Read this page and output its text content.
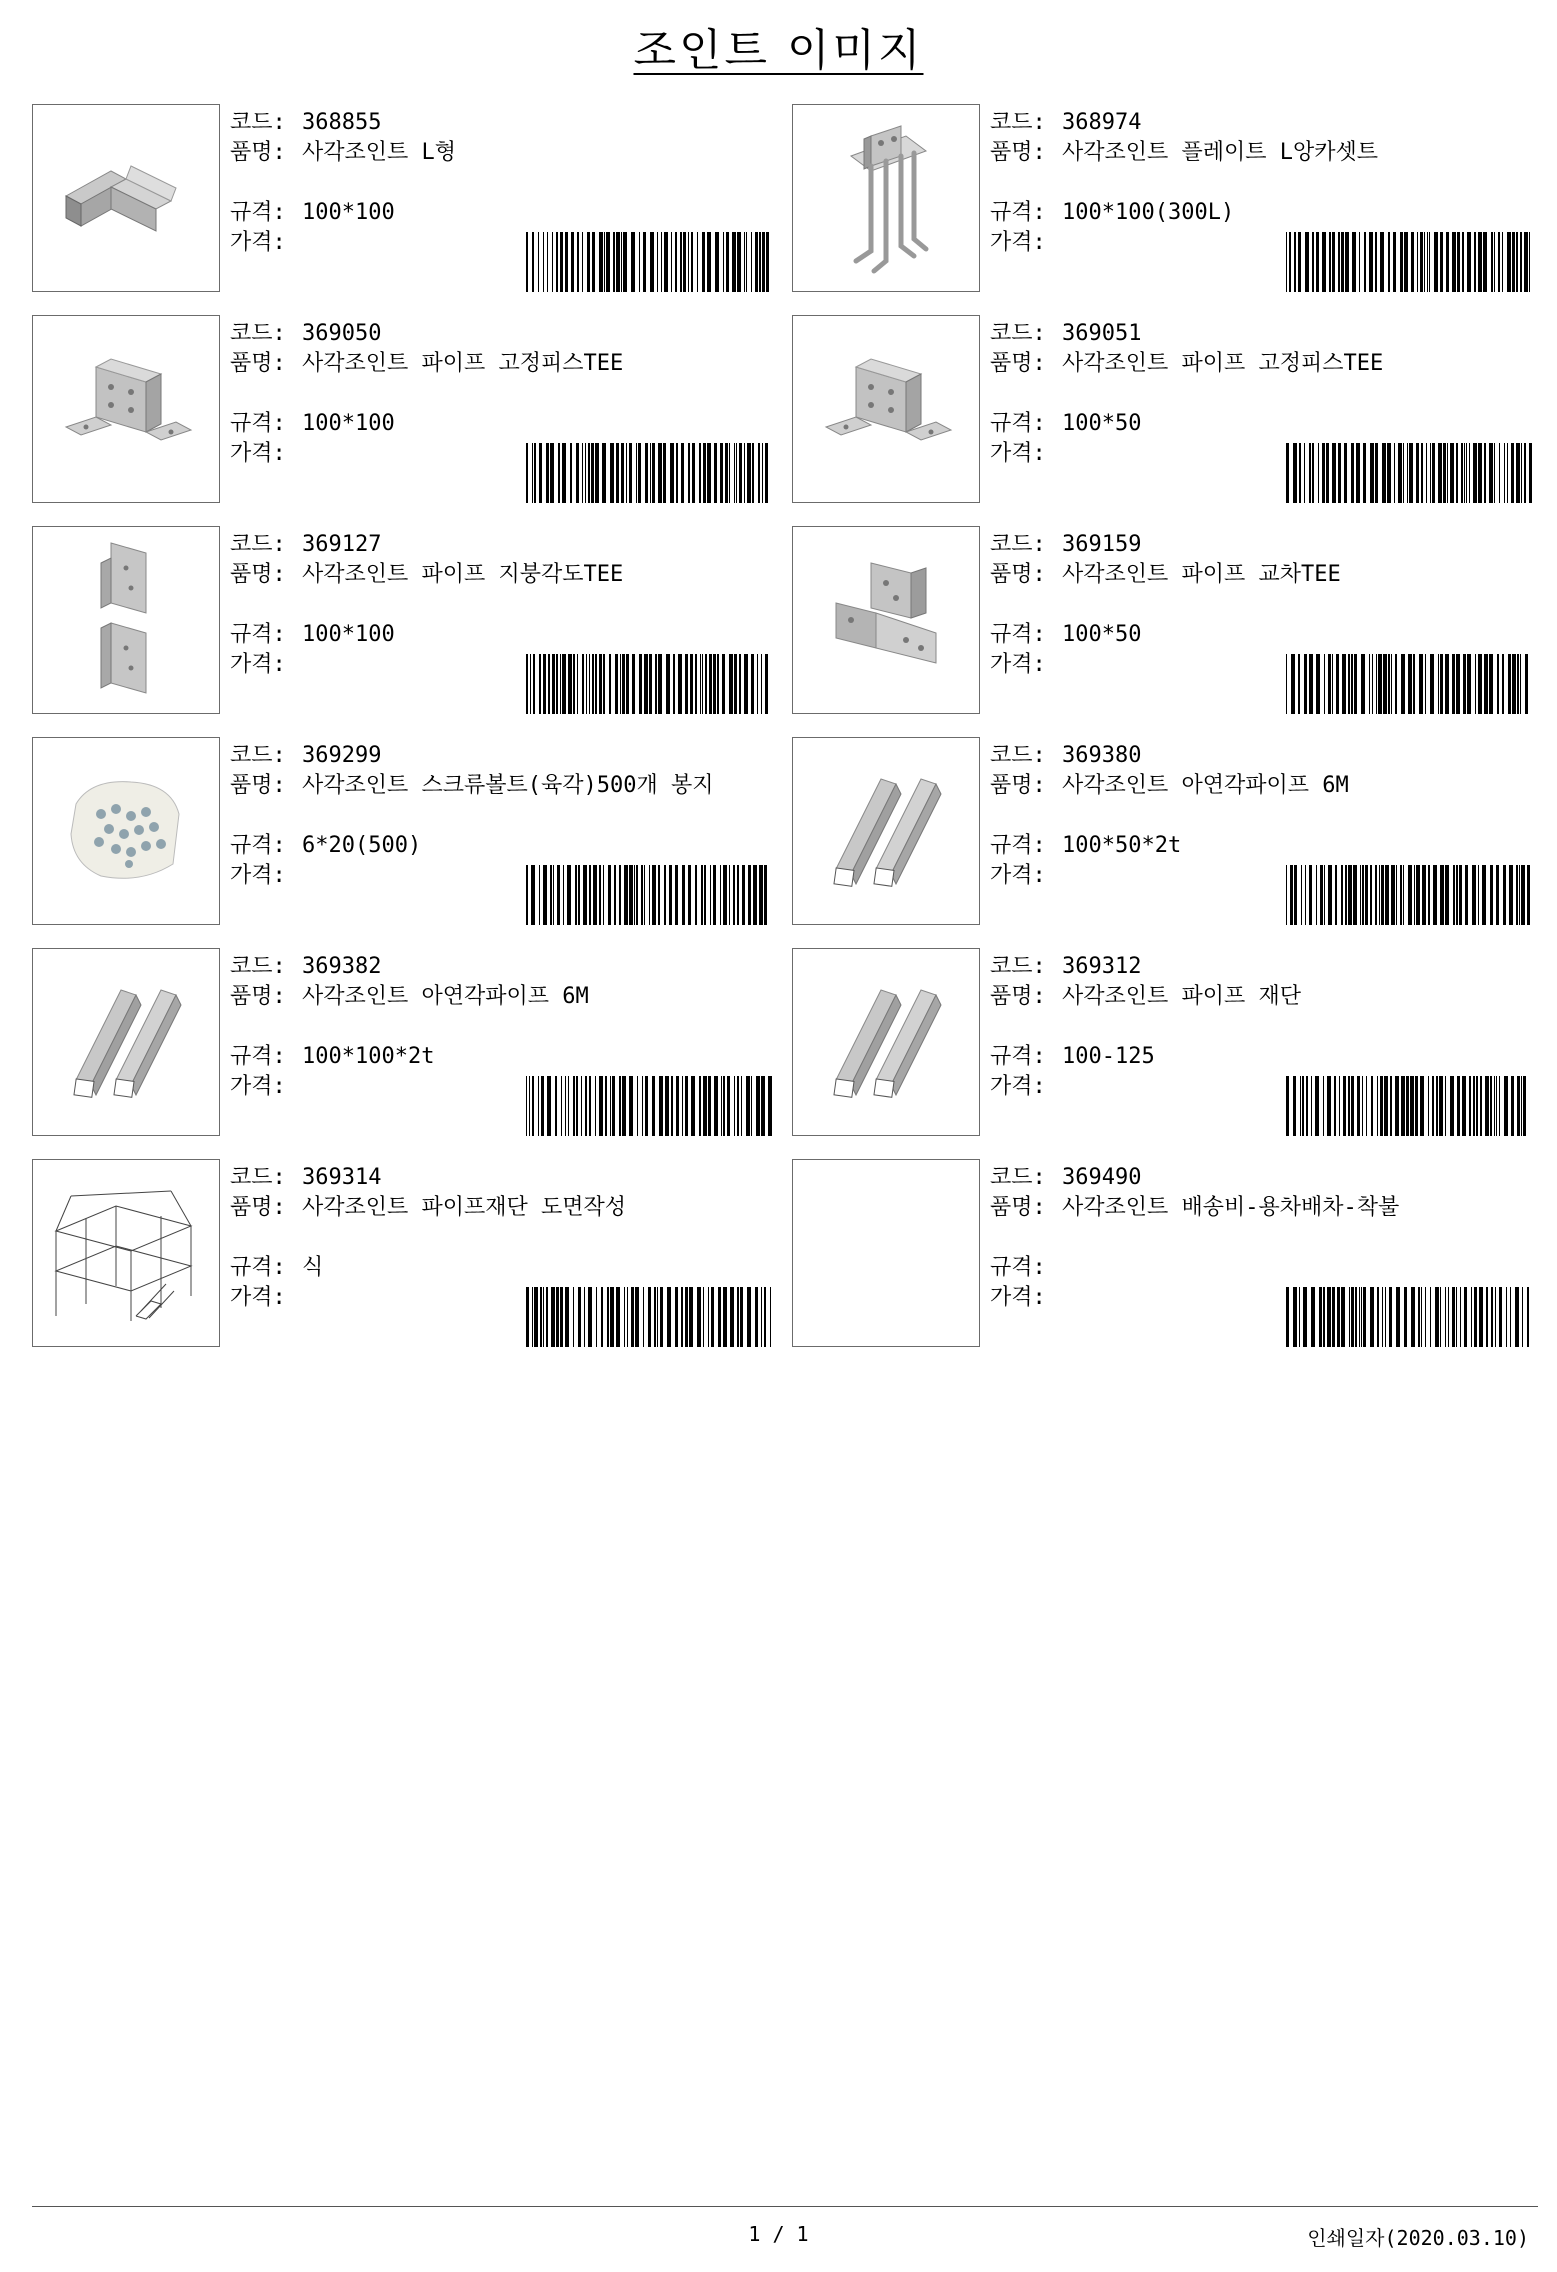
조인트 이미지
코드: 368855
품명: 사각조인트 L형
규격: 100*100
가격:
코드: 368974
품명: 사각조인트 플레이트 L앙카셋트
규격: 100*100(300L)
가격:
코드: 369050
품명: 사각조인트 파이프 고정피스TEE
규격: 100*100
가격:
코드: 369051
품명: 사각조인트 파이프 고정피스TEE
규격: 100*50
가격:
코드: 369127
품명: 사각조인트 파이프 지붕각도TEE
규격: 100*100
가격:
코드: 369159
품명: 사각조인트 파이프 교차TEE
규격: 100*50
가격:
코드: 369299
품명: 사각조인트 스크류볼트(육각)500개 봉지
규격: 6*20(500)
가격:
코드: 369380
품명: 사각조인트 아연각파이프 6M
규격: 100*50*2t
가격:
코드: 369382
품명: 사각조인트 아연각파이프 6M
규격: 100*100*2t
가격:
코드: 369312
품명: 사각조인트 파이프 재단
규격: 100-125
가격:
코드: 369314
품명: 사각조인트 파이프재단 도면작성
규격: 식
가격:
코드: 369490
품명: 사각조인트 배송비-용차배차-착불
규격:
가격:
1 / 1	인쇄일자(2020.03.10)
